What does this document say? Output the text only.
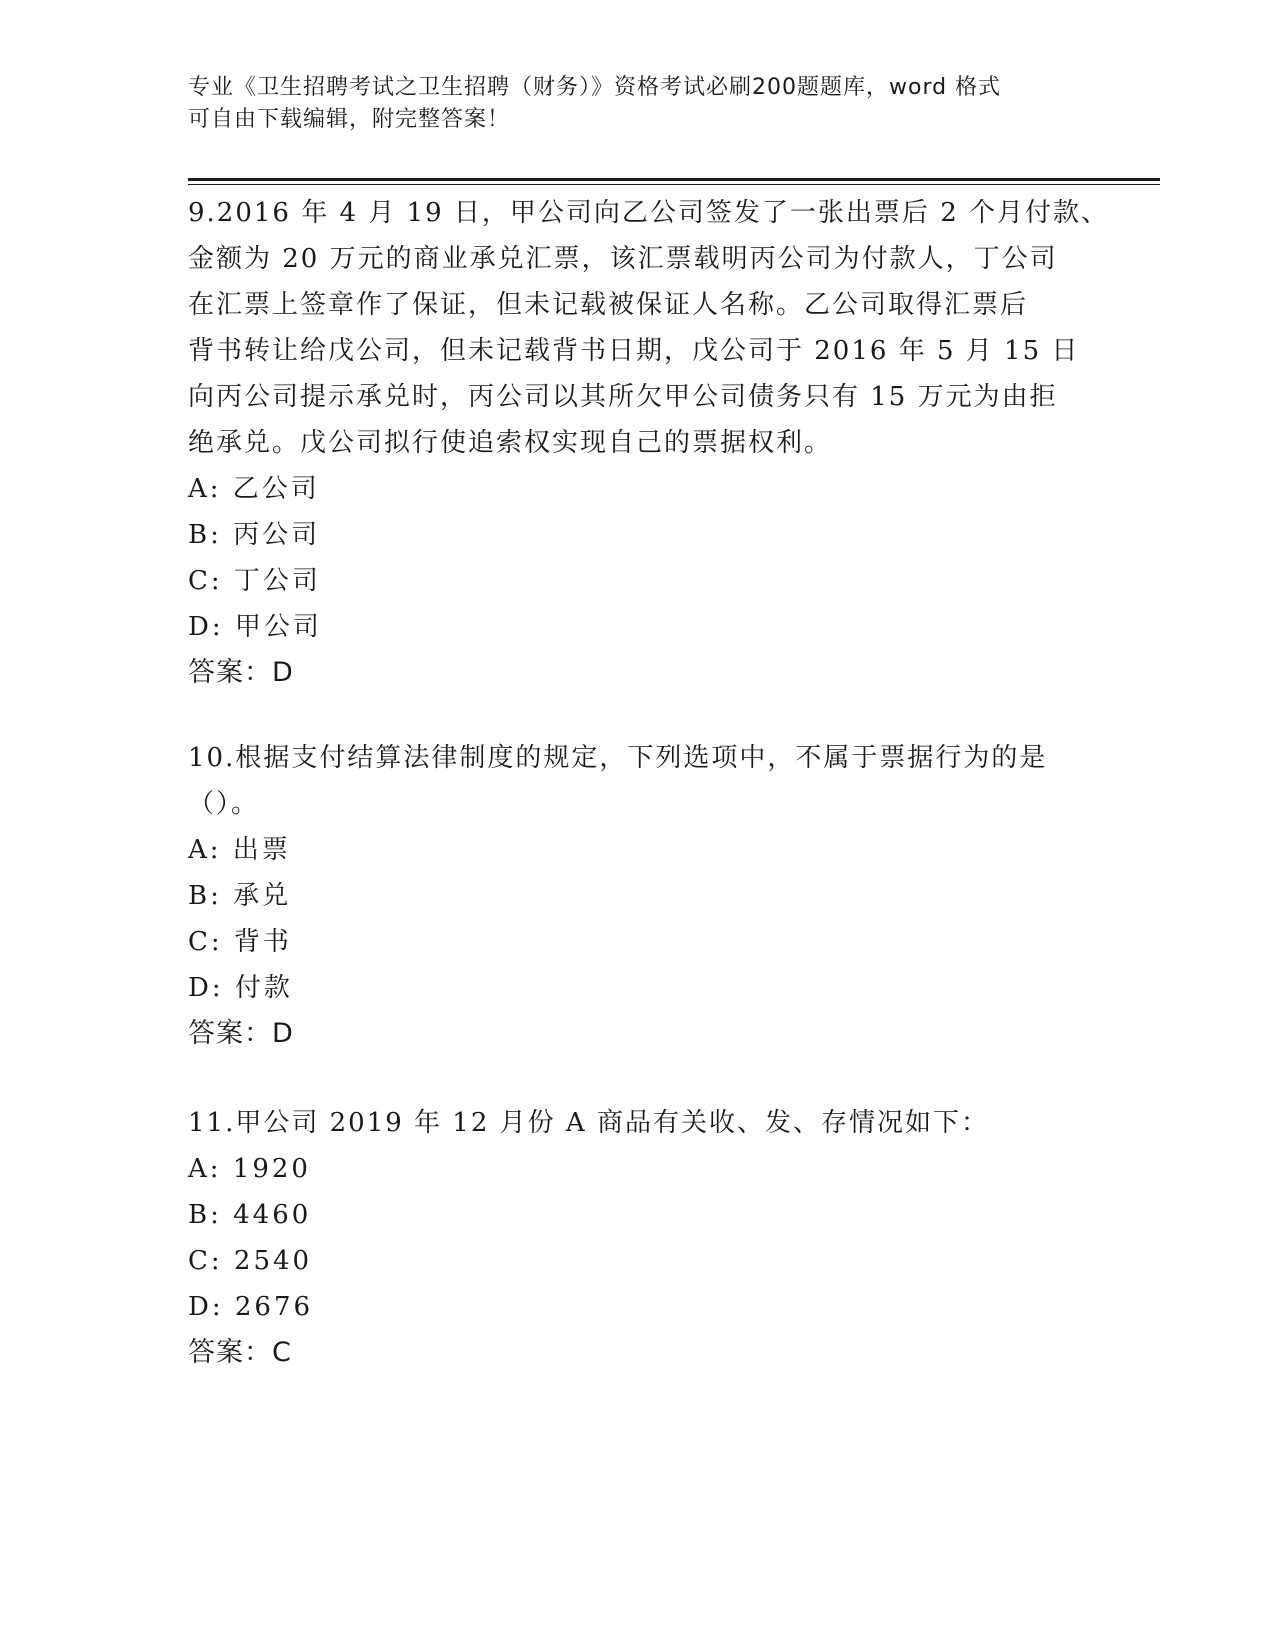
专业《卫生招聘考试之卫生招聘（财务）》资格考试必刷200题题库，word 格式
可自由下载编辑，附完整答案！
9.2016 年 4 月 19 日，甲公司向乙公司签发了一张出票后 2 个月付款、
金额为 20 万元的商业承兑汇票，该汇票载明丙公司为付款人，丁公司
在汇票上签章作了保证，但未记载被保证人名称。乙公司取得汇票后
背书转让给戊公司，但未记载背书日期，戊公司于 2016 年 5 月 15 日
向丙公司提示承兑时，丙公司以其所欠甲公司债务只有 15 万元为由拒
绝承兑。戊公司拟行使追索权实现自己的票据权利。
A: 乙公司
B: 丙公司
C: 丁公司
D: 甲公司
答案：D
10.根据支付结算法律制度的规定，下列选项中，不属于票据行为的是
（）。
A: 出票
B: 承兑
C: 背书
D: 付款
答案：D
11.甲公司 2019 年 12 月份 A 商品有关收、发、存情况如下：
A: 1920
B: 4460
C: 2540
D: 2676
答案：C
